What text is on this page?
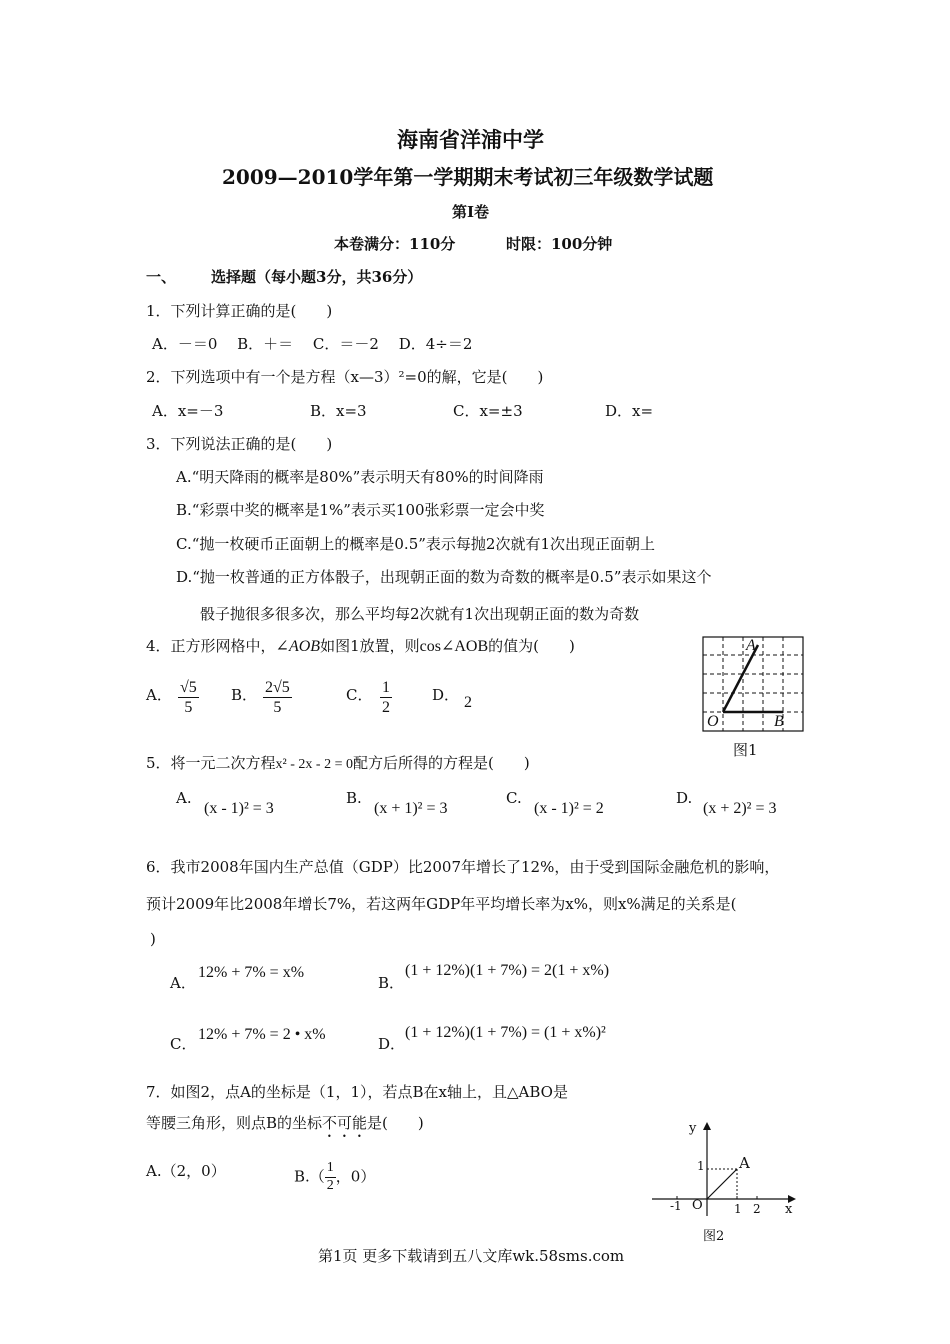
海南省洋浦中学
2009—2010学年第一学期期末考试初三年级数学试题
第Ⅰ卷
本卷满分：110分	时限：100分钟
一、 选择题（每小题3分，共36分）
1．下列计算正确的是(　　)
A．－＝0　 B．＋＝　 C．＝－2　 D．4÷＝2
2．下列选项中有一个是方程（x—3）²=0的解，它是(　　)
A．x=－3	B．x=3	C．x=±3	D．x=
3．下列说法正确的是(　　)
A.“明天降雨的概率是80%”表示明天有80%的时间降雨
B.“彩票中奖的概率是1%”表示买100张彩票一定会中奖
C.“抛一枚硬币正面朝上的概率是0.5”表示每抛2次就有1次出现正面朝上
D.“抛一枚普通的正方体骰子，出现朝正面的数为奇数的概率是0.5”表示如果这个
骰子抛很多很多次，那么平均每2次就有1次出现朝正面的数为奇数
4．正方形网格中，∠AOB如图1放置，则cos∠AOB的值为(　　)
A． $\frac{√5}{5}$ B． $\frac{2√5}{5}$	C． $\frac{1}{2}$	D． 2
A
O	B
图1
5．将一元二次方程x² - 2x - 2 = 0配方后所得的方程是(　　)
A.
(x - 1)² = 3
B.
(x + 1)² = 3
C.
(x - 1)² = 2
D.
(x + 2)² = 3
6．我市2008年国内生产总值（GDP）比2007年增长了12%，由于受到国际金融危机的影响，
预计2009年比2008年增长7%，若这两年GDP年平均增长率为x%，则x%满足的关系是(
)
A．
12% + 7% = x%
B．
(1 + 12%)(1 + 7%) = 2(1 + x%)
C．
12% + 7% = 2 • x%
D．
(1 + 12%)(1 + 7%) = (1 + x%)²
7．如图2，点A的坐标是（1，1），若点B在x轴上，且△ABO是
等腰三角形，则点B的坐标不可能是(　　)
A.（2，0）	$B.( \frac{1}{2}$ ，0）
y
x
A
O
1
-1	1 2
图2
第1页 更多下载请到五八文库wk.58sms.com
